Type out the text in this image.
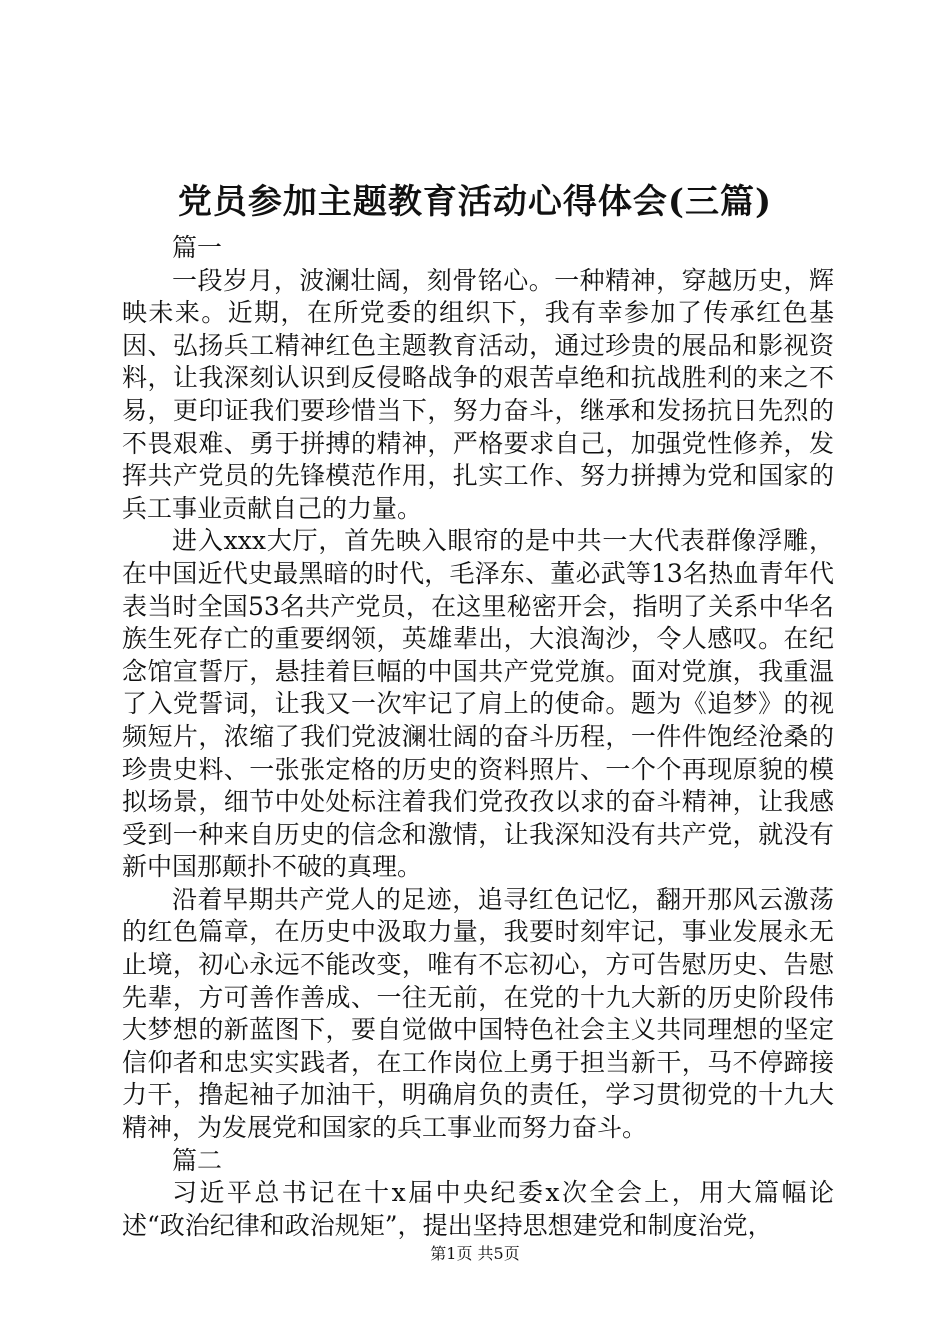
党员参加主题教育活动心得体会(三篇)

篇一

一段岁月，波澜壮阔，刻骨铭心。一种精神，穿越历史，辉映未来。近期，在所党委的组织下，我有幸参加了传承红色基因、弘扬兵工精神红色主题教育活动，通过珍贵的展品和影视资料，让我深刻认识到反侵略战争的艰苦卓绝和抗战胜利的来之不易，更印证我们要珍惜当下，努力奋斗，继承和发扬抗日先烈的不畏艰难、勇于拼搏的精神，严格要求自己，加强党性修养，发挥共产党员的先锋模范作用，扎实工作、努力拼搏为党和国家的兵工事业贡献自己的力量。

进入xxx大厅，首先映入眼帘的是中共一大代表群像浮雕，在中国近代史最黑暗的时代，毛泽东、董必武等13名热血青年代表当时全国53名共产党员，在这里秘密开会，指明了关系中华名族生死存亡的重要纲领，英雄辈出，大浪淘沙，令人感叹。在纪念馆宣誓厅，悬挂着巨幅的中国共产党党旗。面对党旗，我重温了入党誓词，让我又一次牢记了肩上的使命。题为《追梦》的视频短片，浓缩了我们党波澜壮阔的奋斗历程，一件件饱经沧桑的珍贵史料、一张张定格的历史的资料照片、一个个再现原貌的模拟场景，细节中处处标注着我们党孜孜以求的奋斗精神，让我感受到一种来自历史的信念和激情，让我深知没有共产党，就没有新中国那颠扑不破的真理。

沿着早期共产党人的足迹，追寻红色记忆，翻开那风云激荡的红色篇章，在历史中汲取力量，我要时刻牢记，事业发展永无止境，初心永远不能改变，唯有不忘初心，方可告慰历史、告慰先辈，方可善作善成、一往无前，在党的十九大新的历史阶段伟大梦想的新蓝图下，要自觉做中国特色社会主义共同理想的坚定信仰者和忠实实践者，在工作岗位上勇于担当新干，马不停蹄接力干，撸起袖子加油干，明确肩负的责任，学习贯彻党的十九大精神，为发展党和国家的兵工事业而努力奋斗。

篇二

习近平总书记在十x届中央纪委x次全会上，用大篇幅论述“政治纪律和政治规矩”，提出坚持思想建党和制度治党，

第1页 共5页
